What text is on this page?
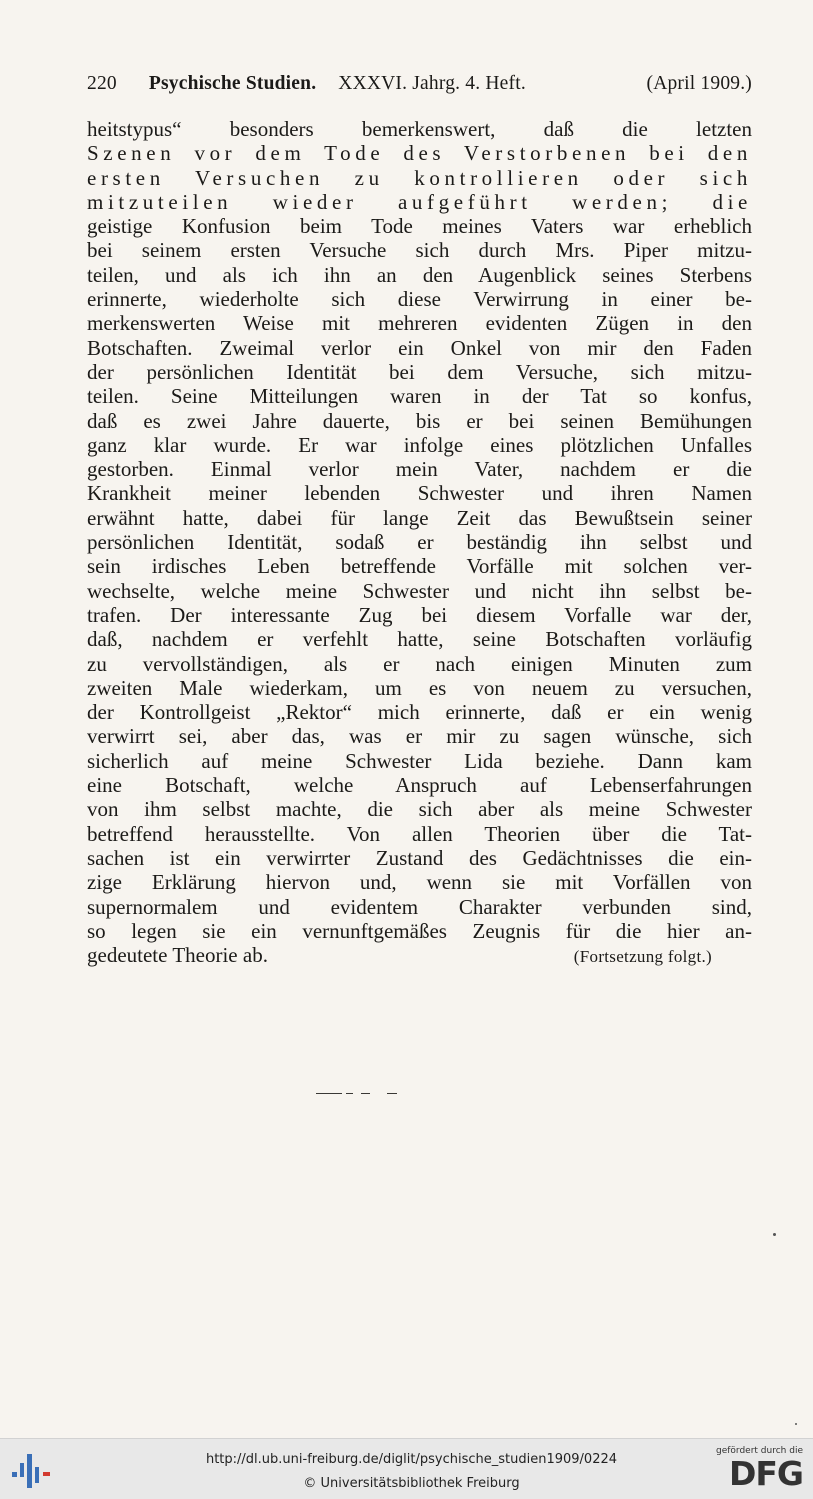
220 Psychische Studien. XXXVI. Jahrg. 4. Heft.	(April 1909.)
heitstypus“ besonders bemerkenswert, daß die letzten
Szenen vor dem Tode des Verstorbenen bei den
ersten Versuchen zu kontrollieren oder sich
mitzuteilen wieder aufgeführt werden; die
geistige Konfusion beim Tode meines Vaters war erheblich
bei seinem ersten Versuche sich durch Mrs. Piper mitzu-
teilen, und als ich ihn an den Augenblick seines Sterbens
erinnerte, wiederholte sich diese Verwirrung in einer be-
merkenswerten Weise mit mehreren evidenten Zügen in den
Botschaften. Zweimal verlor ein Onkel von mir den Faden
der persönlichen Identität bei dem Versuche, sich mitzu-
teilen. Seine Mitteilungen waren in der Tat so konfus,
daß es zwei Jahre dauerte, bis er bei seinen Bemühungen
ganz klar wurde. Er war infolge eines plötzlichen Unfalles
gestorben. Einmal verlor mein Vater, nachdem er die
Krankheit meiner lebenden Schwester und ihren Namen
erwähnt hatte, dabei für lange Zeit das Bewußtsein seiner
persönlichen Identität, sodaß er beständig ihn selbst und
sein irdisches Leben betreffende Vorfälle mit solchen ver-
wechselte, welche meine Schwester und nicht ihn selbst be-
trafen. Der interessante Zug bei diesem Vorfalle war der,
daß, nachdem er verfehlt hatte, seine Botschaften vorläufig
zu vervollständigen, als er nach einigen Minuten zum
zweiten Male wiederkam, um es von neuem zu versuchen,
der Kontrollgeist „Rektor“ mich erinnerte, daß er ein wenig
verwirrt sei, aber das, was er mir zu sagen wünsche, sich
sicherlich auf meine Schwester Lida beziehe. Dann kam
eine Botschaft, welche Anspruch auf Lebenserfahrungen
von ihm selbst machte, die sich aber als meine Schwester
betreffend herausstellte. Von allen Theorien über die Tat-
sachen ist ein verwirrter Zustand des Gedächtnisses die ein-
zige Erklärung hiervon und, wenn sie mit Vorfällen von
supernormalem und evidentem Charakter verbunden sind,
so legen sie ein vernunftgemäßes Zeugnis für die hier an-
gedeutete Theorie ab.	(Fortsetzung folgt.)
http://dl.ub.uni-freiburg.de/diglit/psychische_studien1909/0224
© Universitätsbibliothek Freiburg
gefördert durch die
DFG
